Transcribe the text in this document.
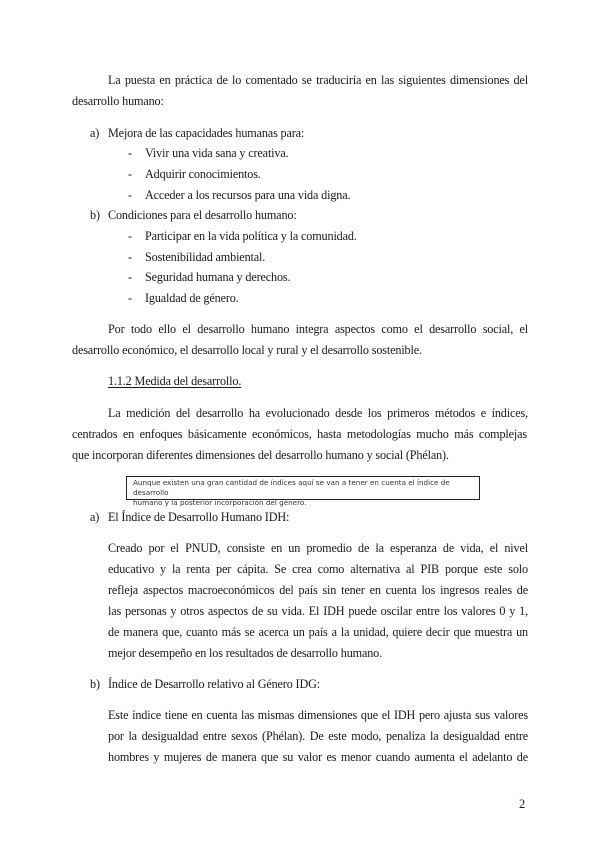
La puesta en práctica de lo comentado se traduciría en las siguientes dimensiones del
desarrollo humano:
a) Mejora de las capacidades humanas para:
- Vivir una vida sana y creativa.
- Adquirir conocimientos.
- Acceder a los recursos para una vida digna.
b) Condiciones para el desarrollo humano:
- Participar en la vida política y la comunidad.
- Sostenibilidad ambiental.
- Seguridad humana y derechos.
- Igualdad de género.
Por todo ello el desarrollo humano integra aspectos como el desarrollo social, el
desarrollo económico, el desarrollo local y rural y el desarrollo sostenible.
1.1.2 Medida del desarrollo.
La medición del desarrollo ha evolucionado desde los primeros métodos e índices,
centrados en enfoques básicamente económicos, hasta metodologías mucho más complejas
que incorporan diferentes dimensiones del desarrollo humano y social (Phélan).
Aunque existen una gran cantidad de índices aquí se van a tener en cuenta el índice de desarrollo
humano y la posterior incorporación del género.
a) El Índice de Desarrollo Humano IDH:
Creado por el PNUD, consiste en un promedio de la esperanza de vida, el nivel
educativo y la renta per cápita. Se crea como alternativa al PIB porque este solo
refleja aspectos macroeconómicos del país sin tener en cuenta los ingresos reales de
las personas y otros aspectos de su vida. El IDH puede oscilar entre los valores 0 y 1,
de manera que, cuanto más se acerca un país a la unidad, quiere decir que muestra un
mejor desempeño en los resultados de desarrollo humano.
b) Índice de Desarrollo relativo al Género IDG:
Este índice tiene en cuenta las mismas dimensiones que el IDH pero ajusta sus valores
por la desigualdad entre sexos (Phélan). De este modo, penaliza la desigualdad entre
hombres y mujeres de manera que su valor es menor cuando aumenta el adelanto de
2
